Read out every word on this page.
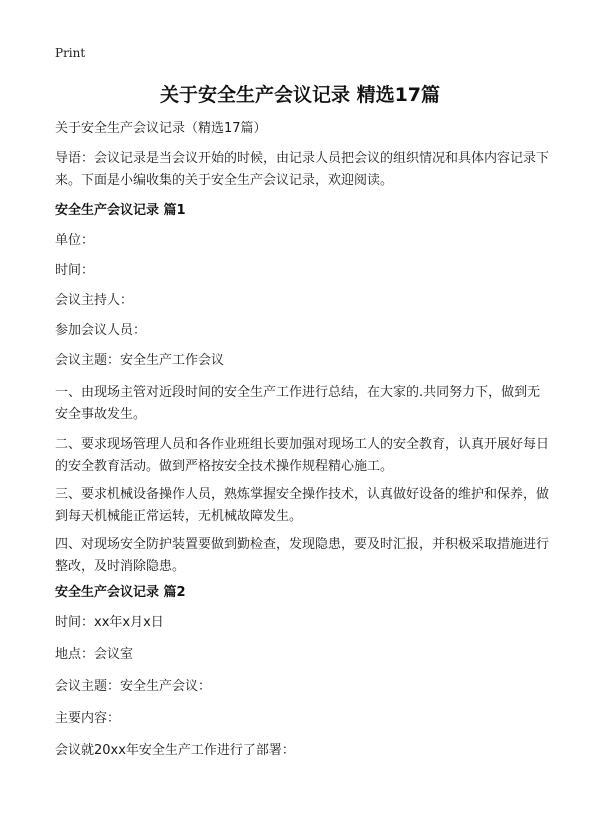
Print
关于安全生产会议记录 精选17篇
关于安全生产会议记录（精选17篇）
导语：会议记录是当会议开始的时候，由记录人员把会议的组织情况和具体内容记录下来。下面是小编收集的关于安全生产会议记录，欢迎阅读。
安全生产会议记录 篇1
单位：
时间：
会议主持人：
参加会议人员：
会议主题：安全生产工作会议
一、由现场主管对近段时间的安全生产工作进行总结，在大家的.共同努力下，做到无安全事故发生。
二、要求现场管理人员和各作业班组长要加强对现场工人的安全教育，认真开展好每日的安全教育活动。做到严格按安全技术操作规程精心施工。
三、要求机械设备操作人员，熟炼掌握安全操作技术，认真做好设备的维护和保养，做到每天机械能正常运转，无机械故障发生。
四、对现场安全防护装置要做到勤检查，发现隐患，要及时汇报，并积极采取措施进行整改，及时消除隐患。
安全生产会议记录 篇2
时间：xx年x月x日
地点：会议室
会议主题：安全生产会议：
主要内容：
会议就20xx年安全生产工作进行了部署：
